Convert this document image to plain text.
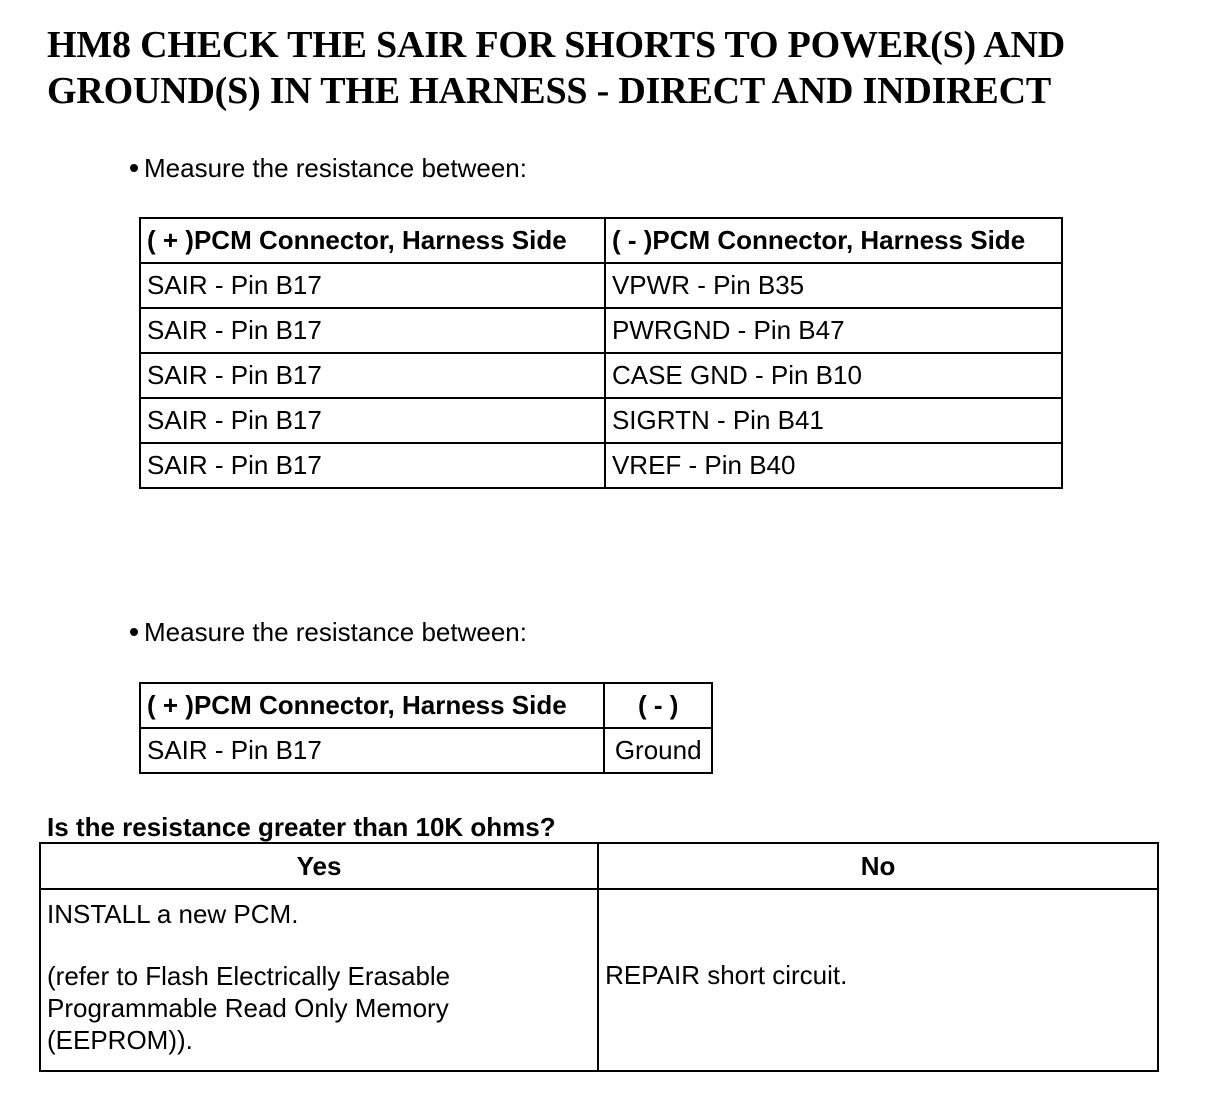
HM8 CHECK THE SAIR FOR SHORTS TO POWER(S) AND GROUND(S) IN THE HARNESS - DIRECT AND INDIRECT
Measure the resistance between:
( + )PCM Connector, Harness Side	( - )PCM Connector, Harness Side
SAIR - Pin B17	VPWR - Pin B35
SAIR - Pin B17	PWRGND - Pin B47
SAIR - Pin B17	CASE GND - Pin B10
SAIR - Pin B17	SIGRTN - Pin B41
SAIR - Pin B17	VREF - Pin B40
Measure the resistance between:
( + )PCM Connector, Harness Side	( - )
SAIR - Pin B17	Ground
Is the resistance greater than 10K ohms?
Yes	No

INSTALL a new PCM.
(refer to Flash Electrically Erasable Programmable Read Only Memory (EEPROM)).	REPAIR short circuit.
